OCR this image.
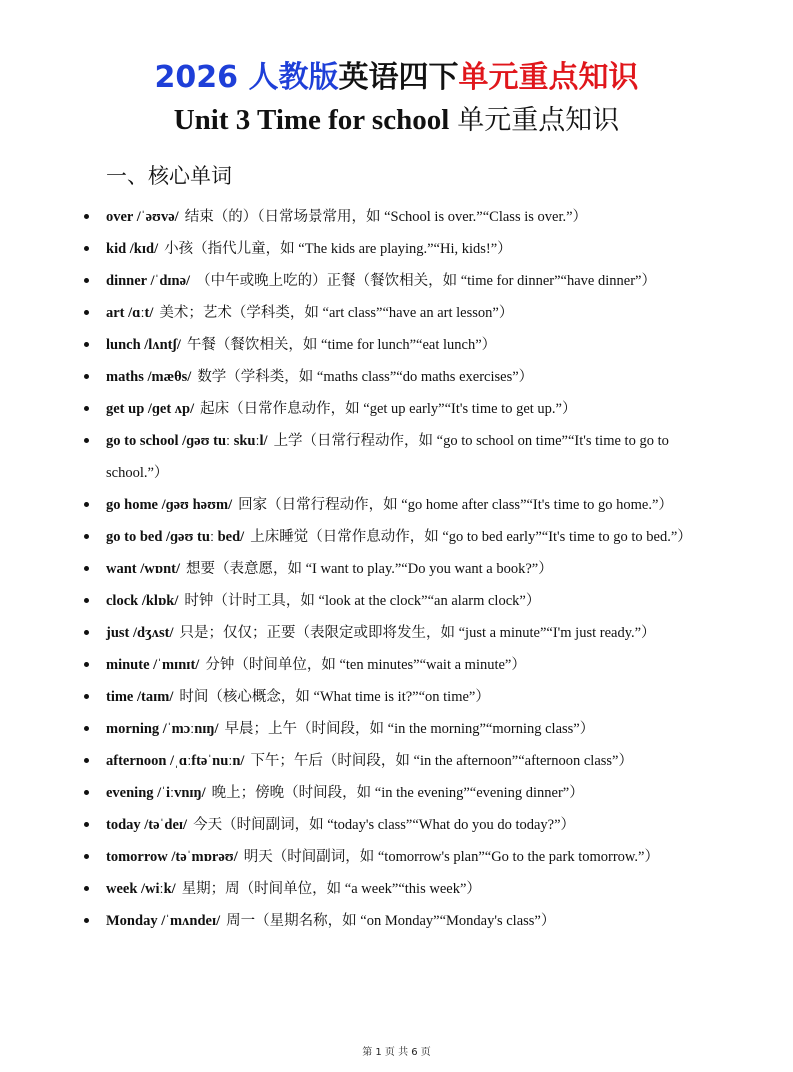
2026 人教版英语四下单元重点知识
Unit 3 Time for school 单元重点知识
一、核心单词
over /ˈəʊvə/ 结束（的）（日常场景常用，如 “School is over.”“Class is over.”）
kid /kɪd/ 小孩（指代儿童，如 “The kids are playing.”“Hi, kids!”）
dinner /ˈdɪnə/ （中午或晚上吃的）正餐（餐饮相关，如 “time for dinner”“have dinner”）
art /ɑːt/ 美术；艺术（学科类，如 “art class”“have an art lesson”）
lunch /lʌntʃ/ 午餐（餐饮相关，如 “time for lunch”“eat lunch”）
maths /mæθs/ 数学（学科类，如 “maths class”“do maths exercises”）
get up /ɡet ʌp/ 起床（日常作息动作，如 “get up early”“It's time to get up.”）
go to school /ɡəʊ tuː skuːl/ 上学（日常行程动作，如 “go to school on time”“It's time to go to school.”）
go home /ɡəʊ həʊm/ 回家（日常行程动作，如 “go home after class”“It's time to go home.”）
go to bed /ɡəʊ tuː bed/ 上床睡觉（日常作息动作，如 “go to bed early”“It's time to go to bed.”）
want /wɒnt/ 想要（表意愿，如 “I want to play.”“Do you want a book?”）
clock /klɒk/ 时钟（计时工具，如 “look at the clock”“an alarm clock”）
just /dʒʌst/ 只是；仅仅；正要（表限定或即将发生，如 “just a minute”“I'm just ready.”）
minute /ˈmɪnɪt/ 分钟（时间单位，如 “ten minutes”“wait a minute”）
time /taɪm/ 时间（核心概念，如 “What time is it?”“on time”）
morning /ˈmɔːnɪŋ/ 早晨；上午（时间段，如 “in the morning”“morning class”）
afternoon /ˌɑːftəˈnuːn/ 下午；午后（时间段，如 “in the afternoon”“afternoon class”）
evening /ˈiːvnɪŋ/ 晚上；傍晚（时间段，如 “in the evening”“evening dinner”）
today /təˈdeɪ/ 今天（时间副词，如 “today's class”“What do you do today?”）
tomorrow /təˈmɒrəʊ/ 明天（时间副词，如 “tomorrow's plan”“Go to the park tomorrow.”）
week /wiːk/ 星期；周（时间单位，如 “a week”“this week”）
Monday /ˈmʌndeɪ/ 周一（星期名称，如 “on Monday”“Monday's class”）
第 1 页 共 6 页
